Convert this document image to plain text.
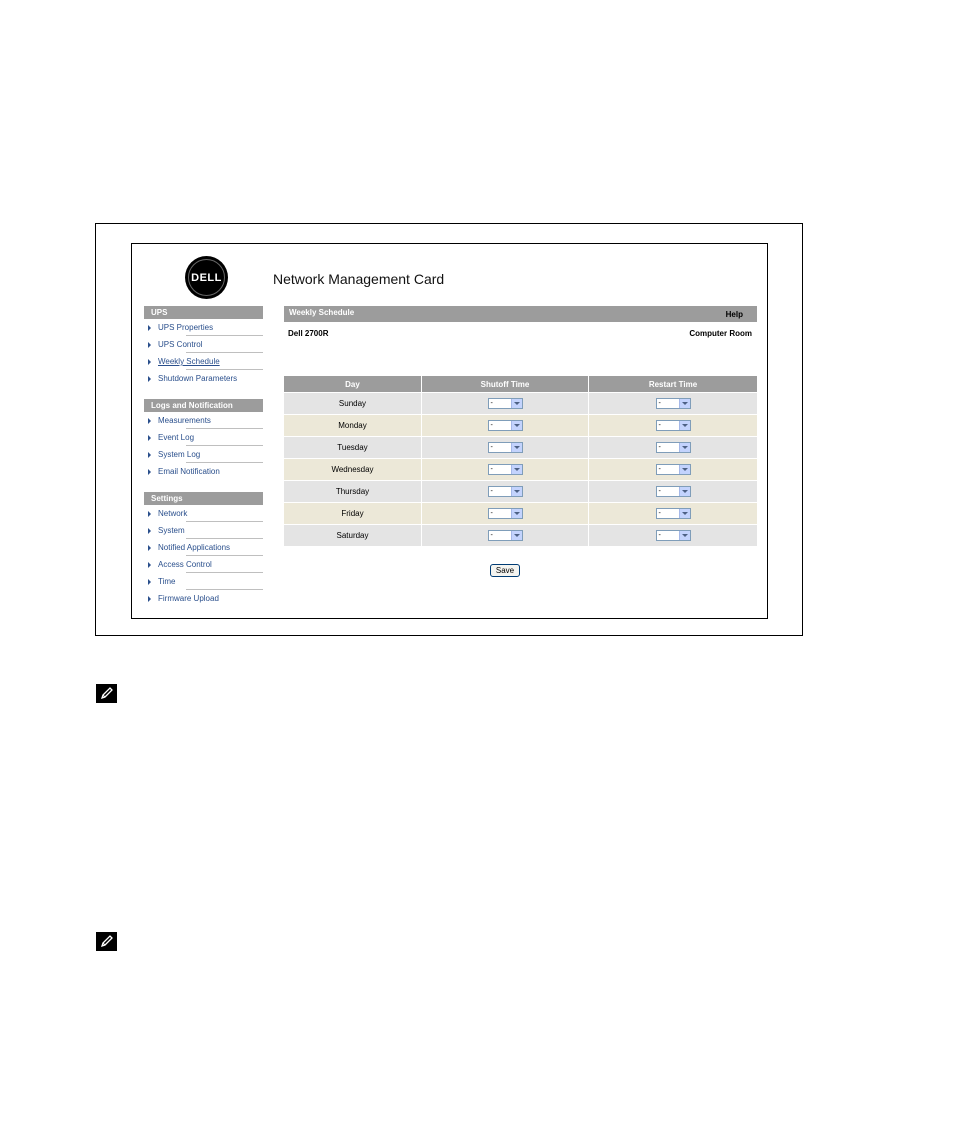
DELL	Network Management Card
UPS
UPS Properties
UPS Control
Weekly Schedule
Shutdown Parameters
Logs and Notification
Measurements
Event Log
System Log
Email Notification
Settings
Network
System
Notified Applications
Access Control
Time
Firmware Upload
Weekly Schedule	Help
Dell 2700R	Computer Room
Day	Shutoff Time	Restart Time
Sunday	-	-

Monday	-	-

Tuesday	-	-

Wednesday	-	-

Thursday	-	-

Friday	-	-

Saturday	-	-
Save
